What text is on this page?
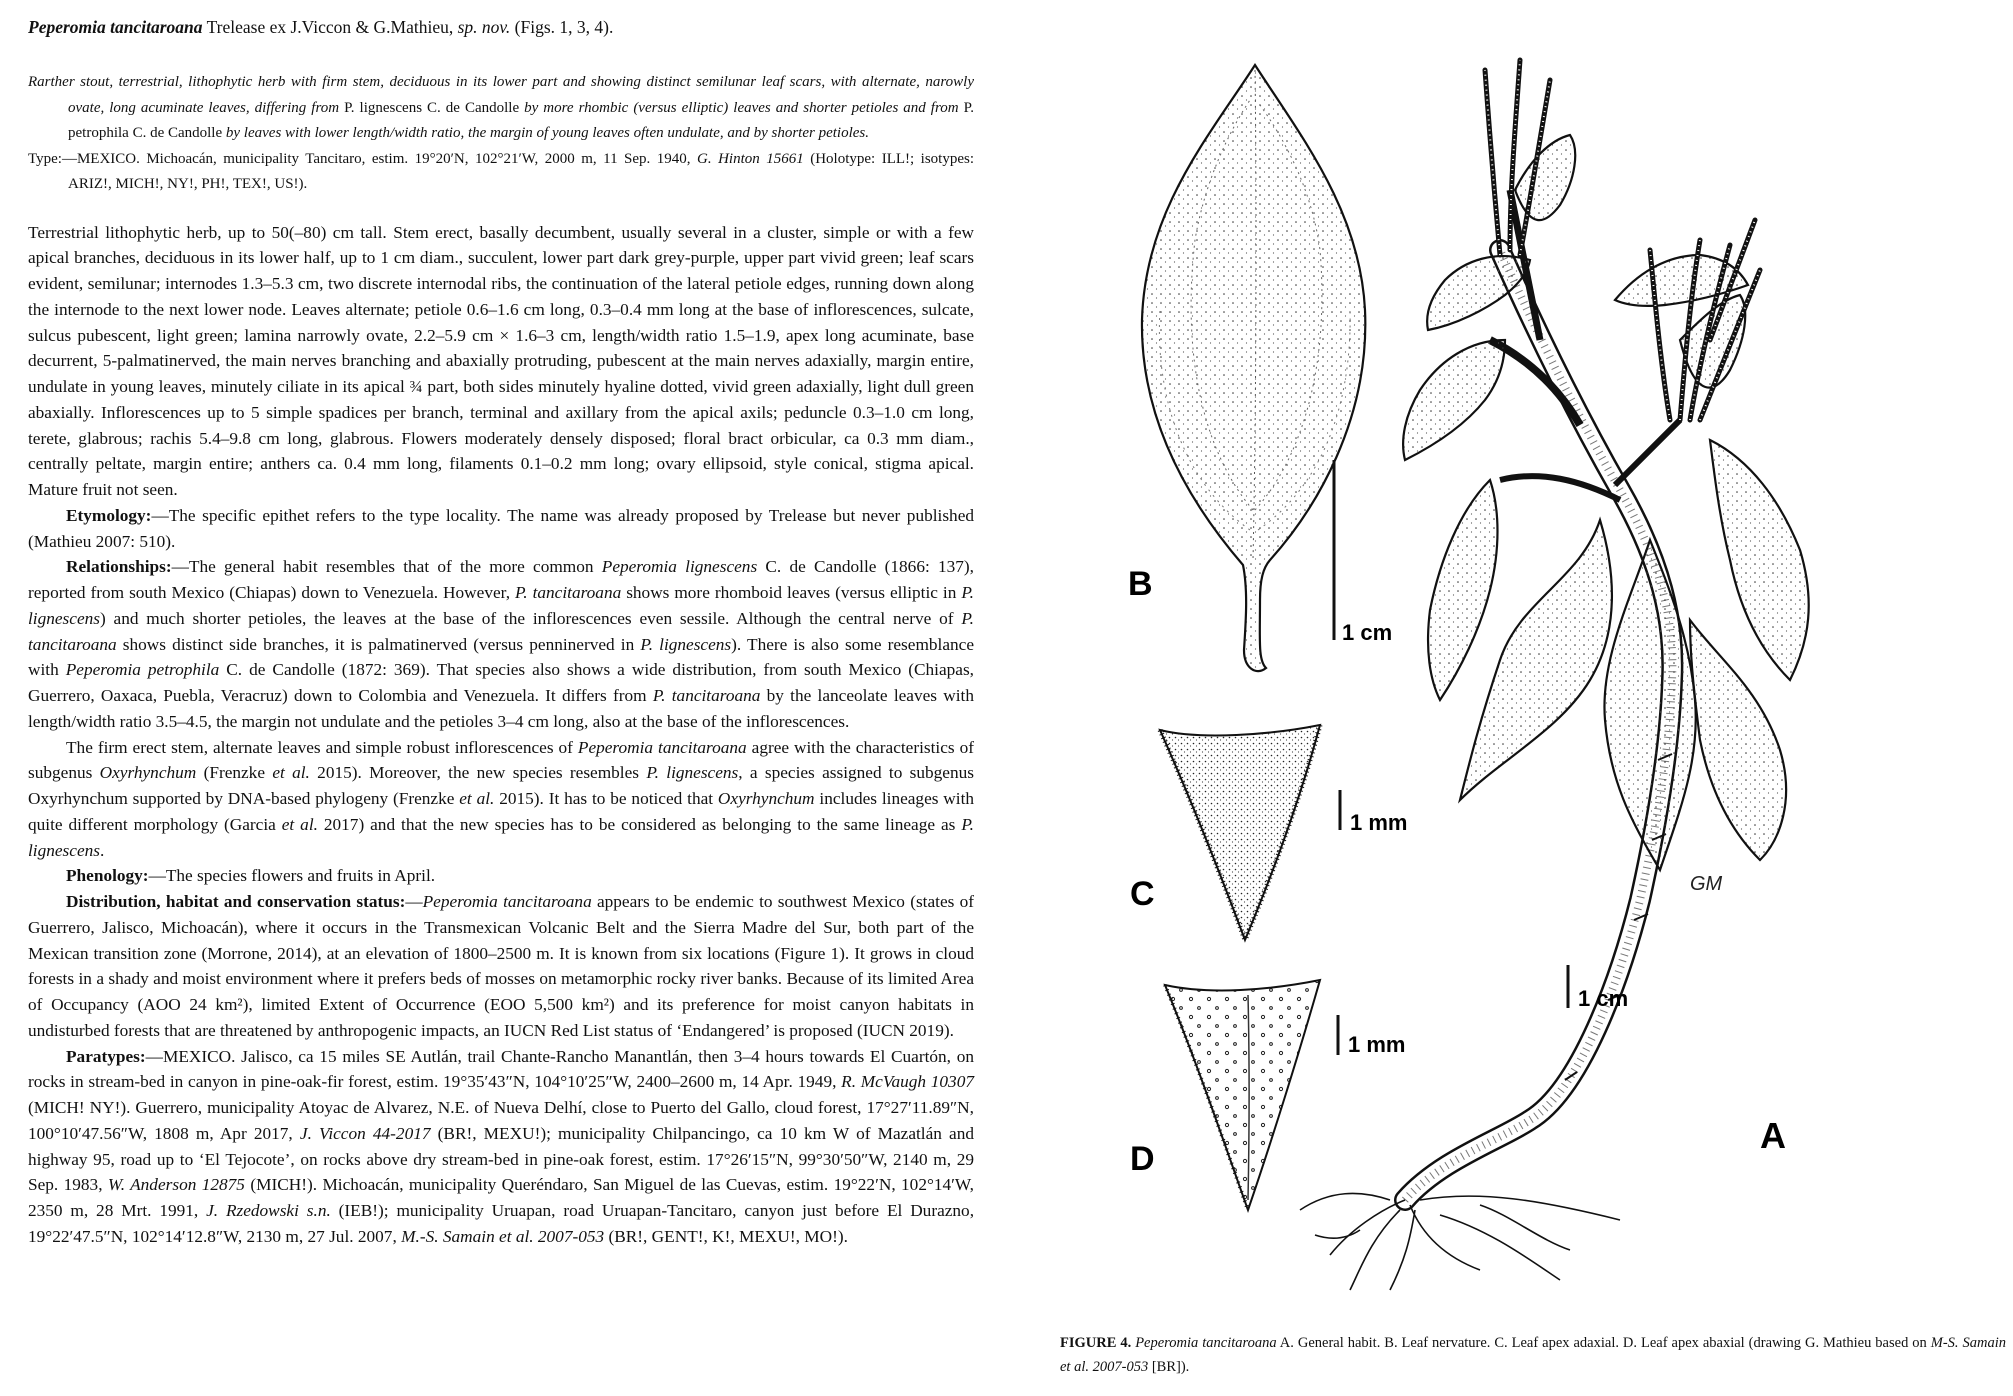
Peperomia tancitaroana Trelease ex J.Viccon & G.Mathieu, sp. nov. (Figs. 1, 3, 4).

Rarther stout, terrestrial, lithophytic herb with firm stem, deciduous in its lower part and showing distinct semilunar leaf scars, with alternate, narowly ovate, long acuminate leaves, differing from P. lignescens C. de Candolle by more rhombic (versus elliptic) leaves and shorter petioles and from P. petrophila C. de Candolle by leaves with lower length/width ratio, the margin of young leaves often undulate, and by shorter petioles.

Type:—MEXICO. Michoacán, municipality Tancitaro, estim. 19°20′N, 102°21′W, 2000 m, 11 Sep. 1940, G. Hinton 15661 (Holotype: ILL!; isotypes: ARIZ!, MICH!, NY!, PH!, TEX!, US!).

Terrestrial lithophytic herb, up to 50(–80) cm tall. Stem erect, basally decumbent, usually several in a cluster, simple or with a few apical branches, deciduous in its lower half, up to 1 cm diam., succulent, lower part dark grey-purple, upper part vivid green; leaf scars evident, semilunar; internodes 1.3–5.3 cm, two discrete internodal ribs, the continuation of the lateral petiole edges, running down along the internode to the next lower node. Leaves alternate; petiole 0.6–1.6 cm long, 0.3–0.4 mm long at the base of inflorescences, sulcate, sulcus pubescent, light green; lamina narrowly ovate, 2.2–5.9 cm × 1.6–3 cm, length/width ratio 1.5–1.9, apex long acuminate, base decurrent, 5-palmatinerved, the main nerves branching and abaxially protruding, pubescent at the main nerves adaxially, margin entire, undulate in young leaves, minutely ciliate in its apical ¾ part, both sides minutely hyaline dotted, vivid green adaxially, light dull green abaxially. Inflorescences up to 5 simple spadices per branch, terminal and axillary from the apical axils; peduncle 0.3–1.0 cm long, terete, glabrous; rachis 5.4–9.8 cm long, glabrous. Flowers moderately densely disposed; floral bract orbicular, ca 0.3 mm diam., centrally peltate, margin entire; anthers ca. 0.4 mm long, filaments 0.1–0.2 mm long; ovary ellipsoid, style conical, stigma apical. Mature fruit not seen.

Etymology:—The specific epithet refers to the type locality. The name was already proposed by Trelease but never published (Mathieu 2007: 510).

Relationships:—The general habit resembles that of the more common Peperomia lignescens C. de Candolle (1866: 137), reported from south Mexico (Chiapas) down to Venezuela. However, P. tancitaroana shows more rhomboid leaves (versus elliptic in P. lignescens) and much shorter petioles, the leaves at the base of the inflorescences even sessile. Although the central nerve of P. tancitaroana shows distinct side branches, it is palmatinerved (versus penninerved in P. lignescens). There is also some resemblance with Peperomia petrophila C. de Candolle (1872: 369). That species also shows a wide distribution, from south Mexico (Chiapas, Guerrero, Oaxaca, Puebla, Veracruz) down to Colombia and Venezuela. It differs from P. tancitaroana by the lanceolate leaves with length/width ratio 3.5–4.5, the margin not undulate and the petioles 3–4 cm long, also at the base of the inflorescences.

The firm erect stem, alternate leaves and simple robust inflorescences of Peperomia tancitaroana agree with the characteristics of subgenus Oxyrhynchum (Frenzke et al. 2015). Moreover, the new species resembles P. lignescens, a species assigned to subgenus Oxyrhynchum supported by DNA-based phylogeny (Frenzke et al. 2015). It has to be noticed that Oxyrhynchum includes lineages with quite different morphology (Garcia et al. 2017) and that the new species has to be considered as belonging to the same lineage as P. lignescens.

Phenology:—The species flowers and fruits in April.

Distribution, habitat and conservation status:—Peperomia tancitaroana appears to be endemic to southwest Mexico (states of Guerrero, Jalisco, Michoacán), where it occurs in the Transmexican Volcanic Belt and the Sierra Madre del Sur, both part of the Mexican transition zone (Morrone, 2014), at an elevation of 1800–2500 m. It is known from six locations (Figure 1). It grows in cloud forests in a shady and moist environment where it prefers beds of mosses on metamorphic rocky river banks. Because of its limited Area of Occupancy (AOO 24 km²), limited Extent of Occurrence (EOO 5,500 km²) and its preference for moist canyon habitats in undisturbed forests that are threatened by anthropogenic impacts, an IUCN Red List status of ‘Endangered’ is proposed (IUCN 2019).

Paratypes:—MEXICO. Jalisco, ca 15 miles SE Autlán, trail Chante-Rancho Manantlán, then 3–4 hours towards El Cuartón, on rocks in stream-bed in canyon in pine-oak-fir forest, estim. 19°35′43″N, 104°10′25″W, 2400–2600 m, 14 Apr. 1949, R. McVaugh 10307 (MICH! NY!). Guerrero, municipality Atoyac de Alvarez, N.E. of Nueva Delhí, close to Puerto del Gallo, cloud forest, 17°27′11.89″N, 100°10′47.56″W, 1808 m, Apr 2017, J. Viccon 44-2017 (BR!, MEXU!); municipality Chilpancingo, ca 10 km W of Mazatlán and highway 95, road up to ‘El Tejocote’, on rocks above dry stream-bed in pine-oak forest, estim. 17°26′15″N, 99°30′50″W, 2140 m, 29 Sep. 1983, W. Anderson 12875 (MICH!). Michoacán, municipality Queréndaro, San Miguel de las Cuevas, estim. 19°22′N, 102°14′W, 2350 m, 28 Mrt. 1991, J. Rzedowski s.n. (IEB!); municipality Uruapan, road Uruapan-Tancitaro, canyon just before El Durazno, 19°22′47.5″N, 102°14′12.8″W, 2130 m, 27 Jul. 2007, M.-S. Samain et al. 2007-053 (BR!, GENT!, K!, MEXU!, MO!).

1 cm
B
1 mm
C
1 mm
D
GM
1 cm
A

FIGURE 4. Peperomia tancitaroana A. General habit. B. Leaf nervature. C. Leaf apex adaxial. D. Leaf apex abaxial (drawing G. Mathieu based on M-S. Samain et al. 2007-053 [BR]).
